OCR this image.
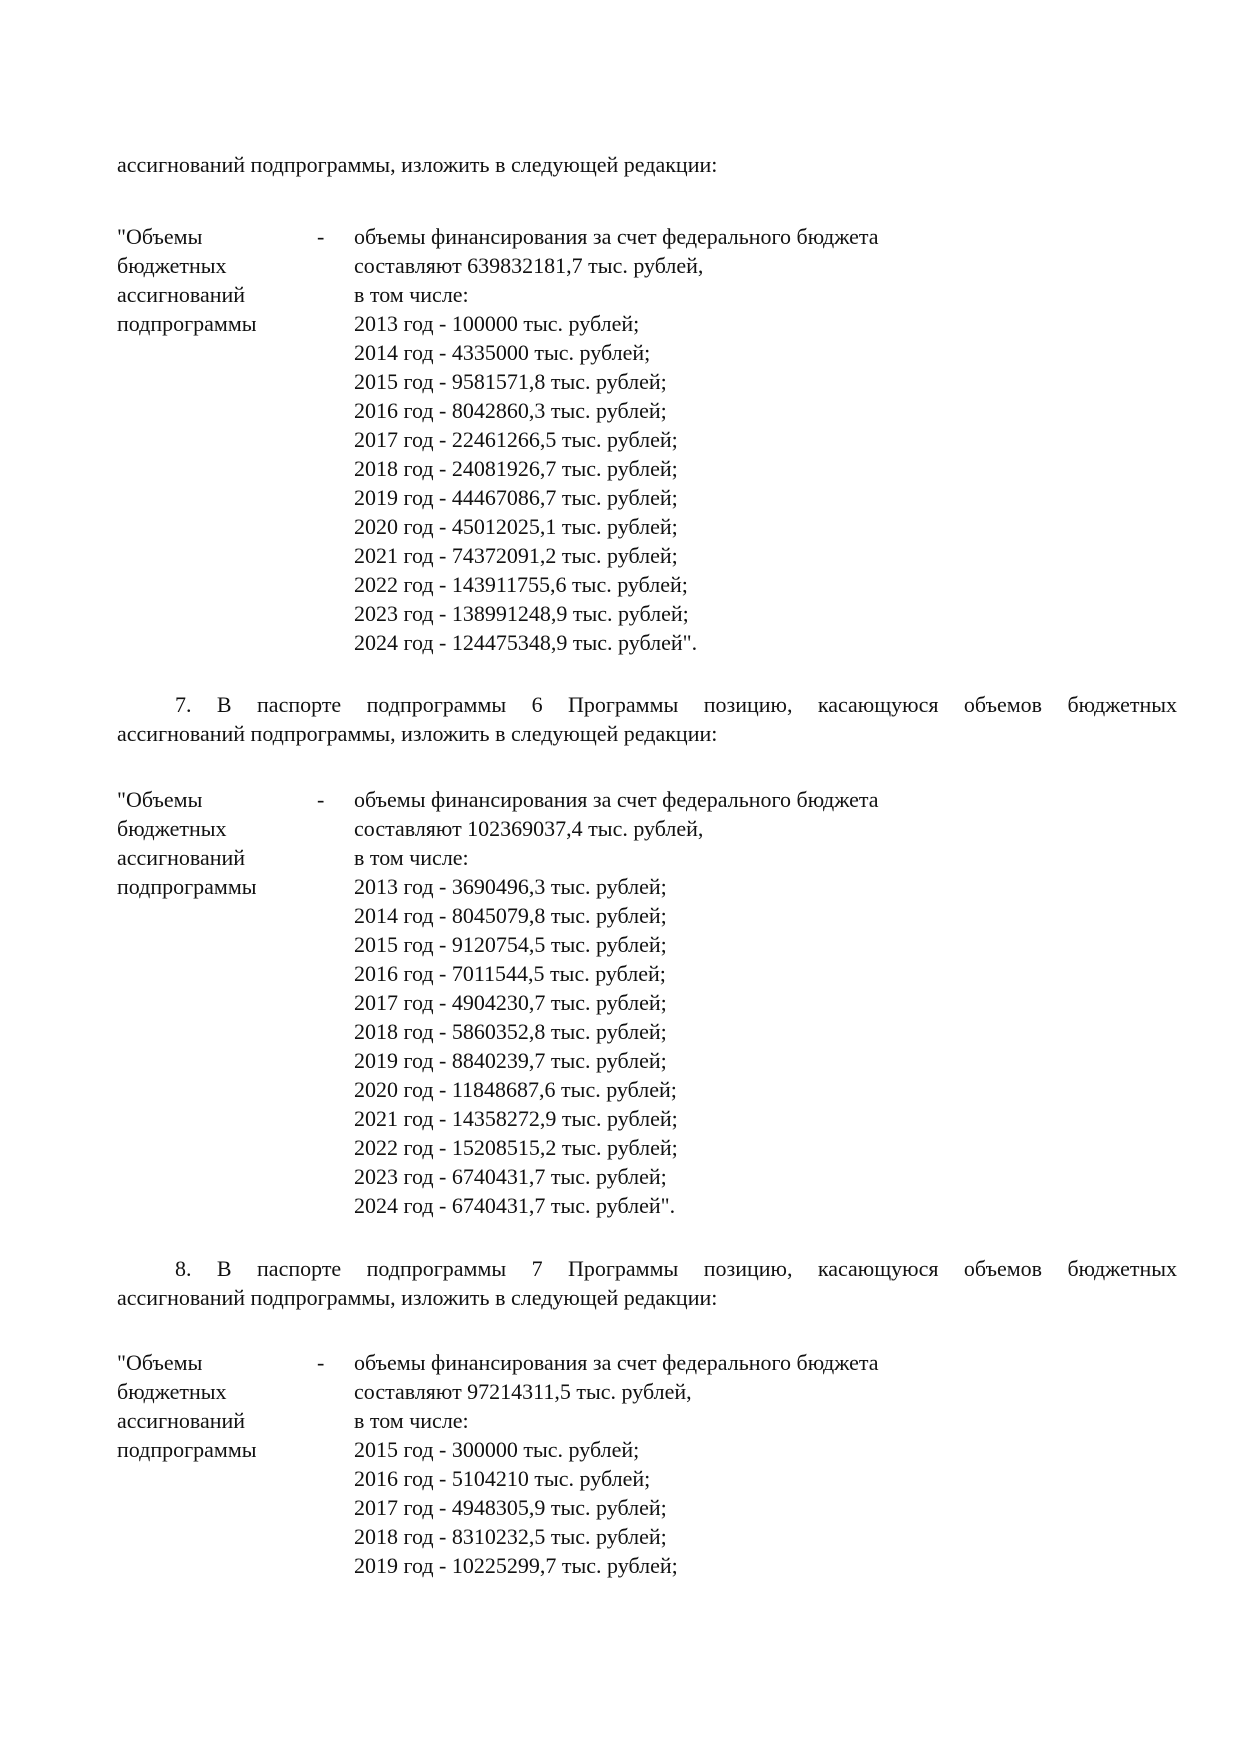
ассигнований подпрограммы, изложить в следующей редакции:
"Объемы	-	объемы финансирования за счет федерального бюджета
бюджетных	составляют 639832181,7 тыс. рублей,
ассигнований	в том числе:
подпрограммы	2013 год - 100000 тыс. рублей;
2014 год - 4335000 тыс. рублей;
2015 год - 9581571,8 тыс. рублей;
2016 год - 8042860,3 тыс. рублей;
2017 год - 22461266,5 тыс. рублей;
2018 год - 24081926,7 тыс. рублей;
2019 год - 44467086,7 тыс. рублей;
2020 год - 45012025,1 тыс. рублей;
2021 год - 74372091,2 тыс. рублей;
2022 год - 143911755,6 тыс. рублей;
2023 год - 138991248,9 тыс. рублей;
2024 год - 124475348,9 тыс. рублей".
7. В паспорте подпрограммы 6 Программы позицию, касающуюся объемов бюджетных
ассигнований подпрограммы, изложить в следующей редакции:
"Объемы	-	объемы финансирования за счет федерального бюджета
бюджетных	составляют 102369037,4 тыс. рублей,
ассигнований	в том числе:
подпрограммы	2013 год - 3690496,3 тыс. рублей;
2014 год - 8045079,8 тыс. рублей;
2015 год - 9120754,5 тыс. рублей;
2016 год - 7011544,5 тыс. рублей;
2017 год - 4904230,7 тыс. рублей;
2018 год - 5860352,8 тыс. рублей;
2019 год - 8840239,7 тыс. рублей;
2020 год - 11848687,6 тыс. рублей;
2021 год - 14358272,9 тыс. рублей;
2022 год - 15208515,2 тыс. рублей;
2023 год - 6740431,7 тыс. рублей;
2024 год - 6740431,7 тыс. рублей".
8. В паспорте подпрограммы 7 Программы позицию, касающуюся объемов бюджетных
ассигнований подпрограммы, изложить в следующей редакции:
"Объемы	-	объемы финансирования за счет федерального бюджета
бюджетных	составляют 97214311,5 тыс. рублей,
ассигнований	в том числе:
подпрограммы	2015 год - 300000 тыс. рублей;
2016 год - 5104210 тыс. рублей;
2017 год - 4948305,9 тыс. рублей;
2018 год - 8310232,5 тыс. рублей;
2019 год - 10225299,7 тыс. рублей;
